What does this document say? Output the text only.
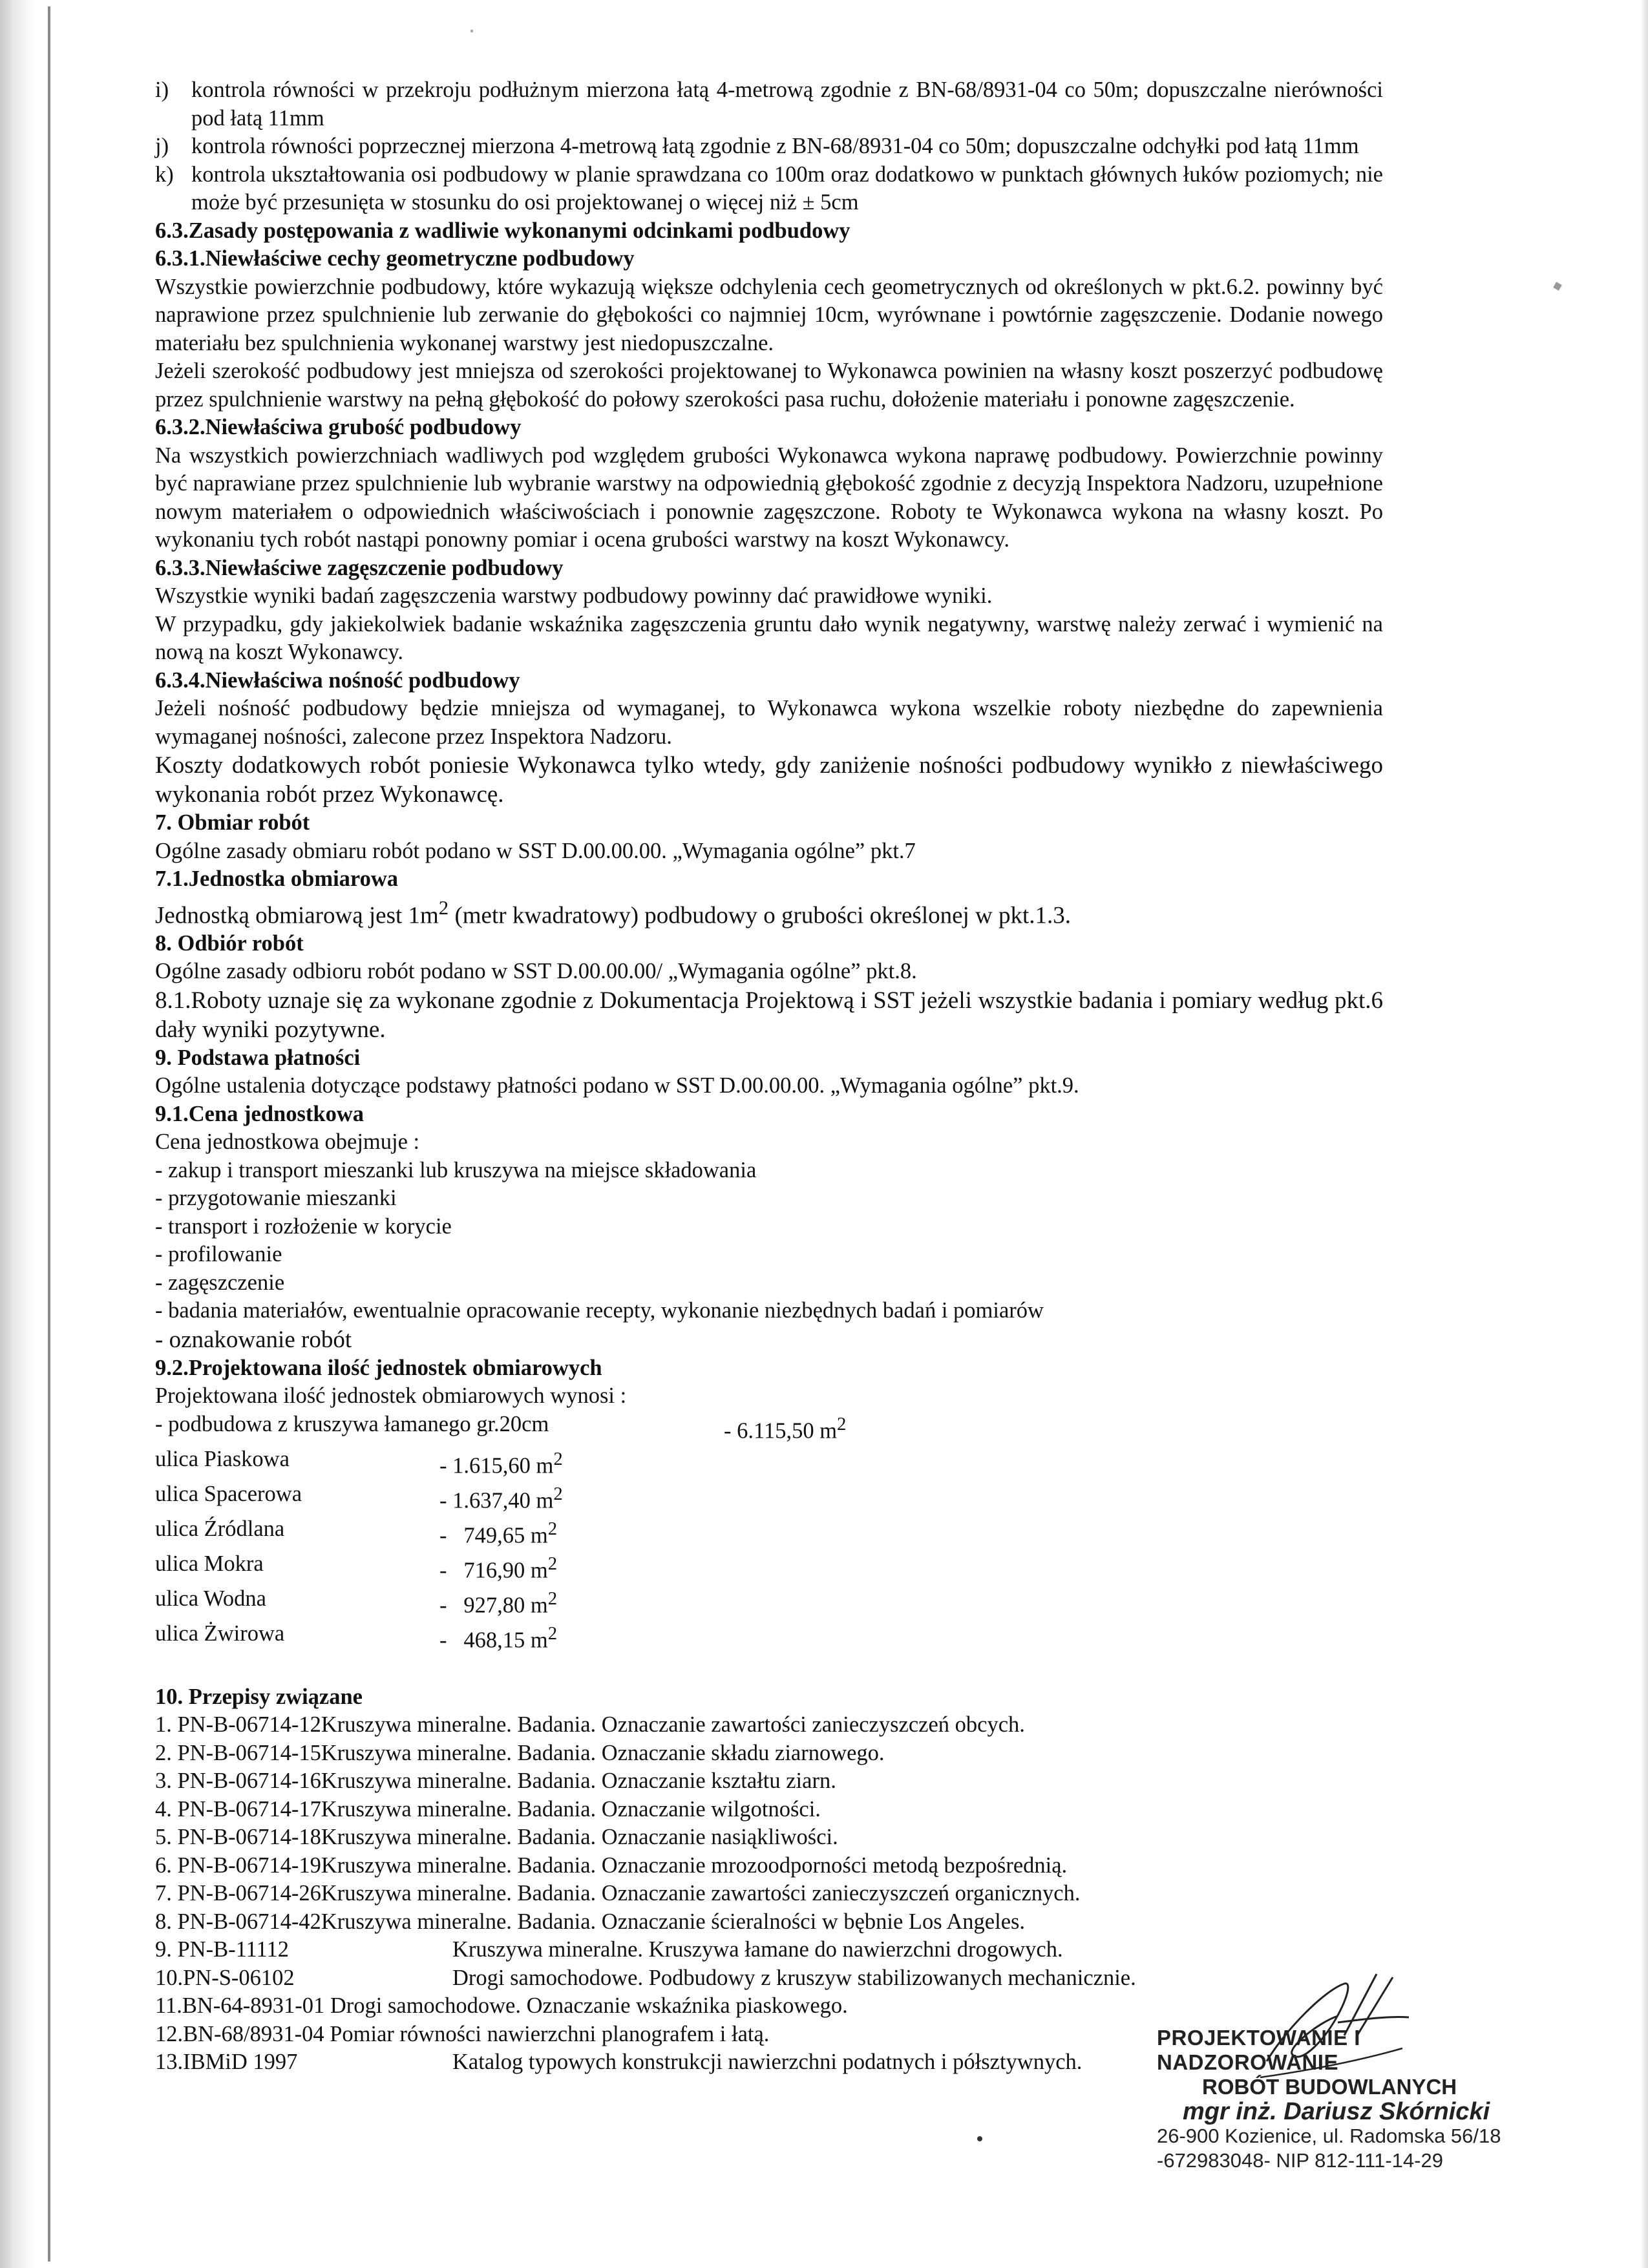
i)	kontrola równości w przekroju podłużnym mierzona łatą 4-metrową zgodnie z BN-68/8931-04 co 50m; dopuszczalne nierówności pod łatą 11mm
j)	kontrola równości poprzecznej mierzona 4-metrową łatą zgodnie z BN-68/8931-04 co 50m; dopuszczalne odchyłki pod łatą 11mm
k) kontrola ukształtowania osi podbudowy w planie sprawdzana co 100m oraz dodatkowo w punktach głównych łuków poziomych; nie może być przesunięta w stosunku do osi projektowanej o więcej niż ± 5cm

6.3.Zasady postępowania z wadliwie wykonanymi odcinkami podbudowy

6.3.1.Niewłaściwe cechy geometryczne podbudowy

Wszystkie powierzchnie podbudowy, które wykazują większe odchylenia cech geometrycznych od określonych w pkt.6.2. powinny być naprawione przez spulchnienie lub zerwanie do głębokości co najmniej 10cm, wyrównane i powtórnie zagęszczenie. Dodanie nowego materiału bez spulchnienia wykonanej warstwy jest niedopuszczalne.

Jeżeli szerokość podbudowy jest mniejsza od szerokości projektowanej to Wykonawca powinien na własny koszt poszerzyć podbudowę przez spulchnienie warstwy na pełną głębokość do połowy szerokości pasa ruchu, dołożenie materiału i ponowne zagęszczenie.

6.3.2.Niewłaściwa grubość podbudowy

Na wszystkich powierzchniach wadliwych pod względem grubości Wykonawca wykona naprawę podbudowy. Powierzchnie powinny być naprawiane przez spulchnienie lub wybranie warstwy na odpowiednią głębokość zgodnie z decyzją Inspektora Nadzoru, uzupełnione nowym materiałem o odpowiednich właściwościach i ponownie zagęszczone. Roboty te Wykonawca wykona na własny koszt. Po wykonaniu tych robót nastąpi ponowny pomiar i ocena grubości warstwy na koszt Wykonawcy.

6.3.3.Niewłaściwe zagęszczenie podbudowy

Wszystkie wyniki badań zagęszczenia warstwy podbudowy powinny dać prawidłowe wyniki.

W przypadku, gdy jakiekolwiek badanie wskaźnika zagęszczenia gruntu dało wynik negatywny, warstwę należy zerwać i wymienić na nową na koszt Wykonawcy.

6.3.4.Niewłaściwa nośność podbudowy

Jeżeli nośność podbudowy będzie mniejsza od wymaganej, to Wykonawca wykona wszelkie roboty niezbędne do zapewnienia wymaganej nośności, zalecone przez Inspektora Nadzoru.

Koszty dodatkowych robót poniesie Wykonawca tylko wtedy, gdy zaniżenie nośności podbudowy wynikło z niewłaściwego wykonania robót przez Wykonawcę.

7. Obmiar robót

Ogólne zasady obmiaru robót podano w SST D.00.00.00. „Wymagania ogólne” pkt.7

7.1.Jednostka obmiarowa

Jednostką obmiarową jest $1m^2$ (metr kwadratowy) podbudowy o grubości określonej w pkt.1.3.

8. Odbiór robót

Ogólne zasady odbioru robót podano w SST D.00.00.00/ „Wymagania ogólne” pkt.8.

8.1.Roboty uznaje się za wykonane zgodnie z Dokumentacja Projektową i SST jeżeli wszystkie badania i pomiary według pkt.6 dały wyniki pozytywne.

9. Podstawa płatności

Ogólne ustalenia dotyczące podstawy płatności podano w SST D.00.00.00. „Wymagania ogólne” pkt.9.

9.1.Cena jednostkowa

Cena jednostkowa obejmuje :

- zakup i transport mieszanki lub kruszywa na miejsce składowania

- przygotowanie mieszanki

- transport i rozłożenie w korycie

- profilowanie

- zagęszczenie

- badania materiałów, ewentualnie opracowanie recepty, wykonanie niezbędnych badań i pomiarów

- oznakowanie robót

9.2.Projektowana ilość jednostek obmiarowych

Projektowana ilość jednostek obmiarowych wynosi :

- podbudowa z kruszywa łamanego gr.20cm	- 6.115,50 $m^2$
ulica Piaskowa	- 1.615,60 $m^2$
ulica Spacerowa	- 1.637,40 $m^2$
ulica Źródlana	-   749,65 $m^2$
ulica Mokra	-   716,90 $m^2$
ulica Wodna	-   927,80 $m^2$
ulica Żwirowa	-   468,15 $m^2$

10. Przepisy związane

1. PN-B-06714-12 Kruszywa mineralne. Badania. Oznaczanie zawartości zanieczyszczeń obcych.
2. PN-B-06714-15 Kruszywa mineralne. Badania. Oznaczanie składu ziarnowego.
3. PN-B-06714-16 Kruszywa mineralne. Badania. Oznaczanie kształtu ziarn.
4. PN-B-06714-17 Kruszywa mineralne. Badania. Oznaczanie wilgotności.
5. PN-B-06714-18 Kruszywa mineralne. Badania. Oznaczanie nasiąkliwości.
6. PN-B-06714-19 Kruszywa mineralne. Badania. Oznaczanie mrozoodporności metodą bezpośrednią.
7. PN-B-06714-26 Kruszywa mineralne. Badania. Oznaczanie zawartości zanieczyszczeń organicznych.
8. PN-B-06714-42 Kruszywa mineralne. Badania. Oznaczanie ścieralności w bębnie Los Angeles.
9. PN-B-11112	Kruszywa mineralne. Kruszywa łamane do nawierzchni drogowych.
10.PN-S-06102	Drogi samochodowe. Podbudowy z kruszyw stabilizowanych mechanicznie.

11.BN-64-8931-01 Drogi samochodowe. Oznaczanie wskaźnika piaskowego.

12.BN-68/8931-04 Pomiar równości nawierzchni planografem i łatą.

13.IBMiD 1997	Katalog typowych konstrukcji nawierzchni podatnych i półsztywnych.
PROJEKTOWANIE I NADZOROWANIE
ROBÓT BUDOWLANYCH
mgr inż. Dariusz Skórnicki
26-900 Kozienice, ul. Radomska 56/18
-672983048- NIP 812-111-14-29
